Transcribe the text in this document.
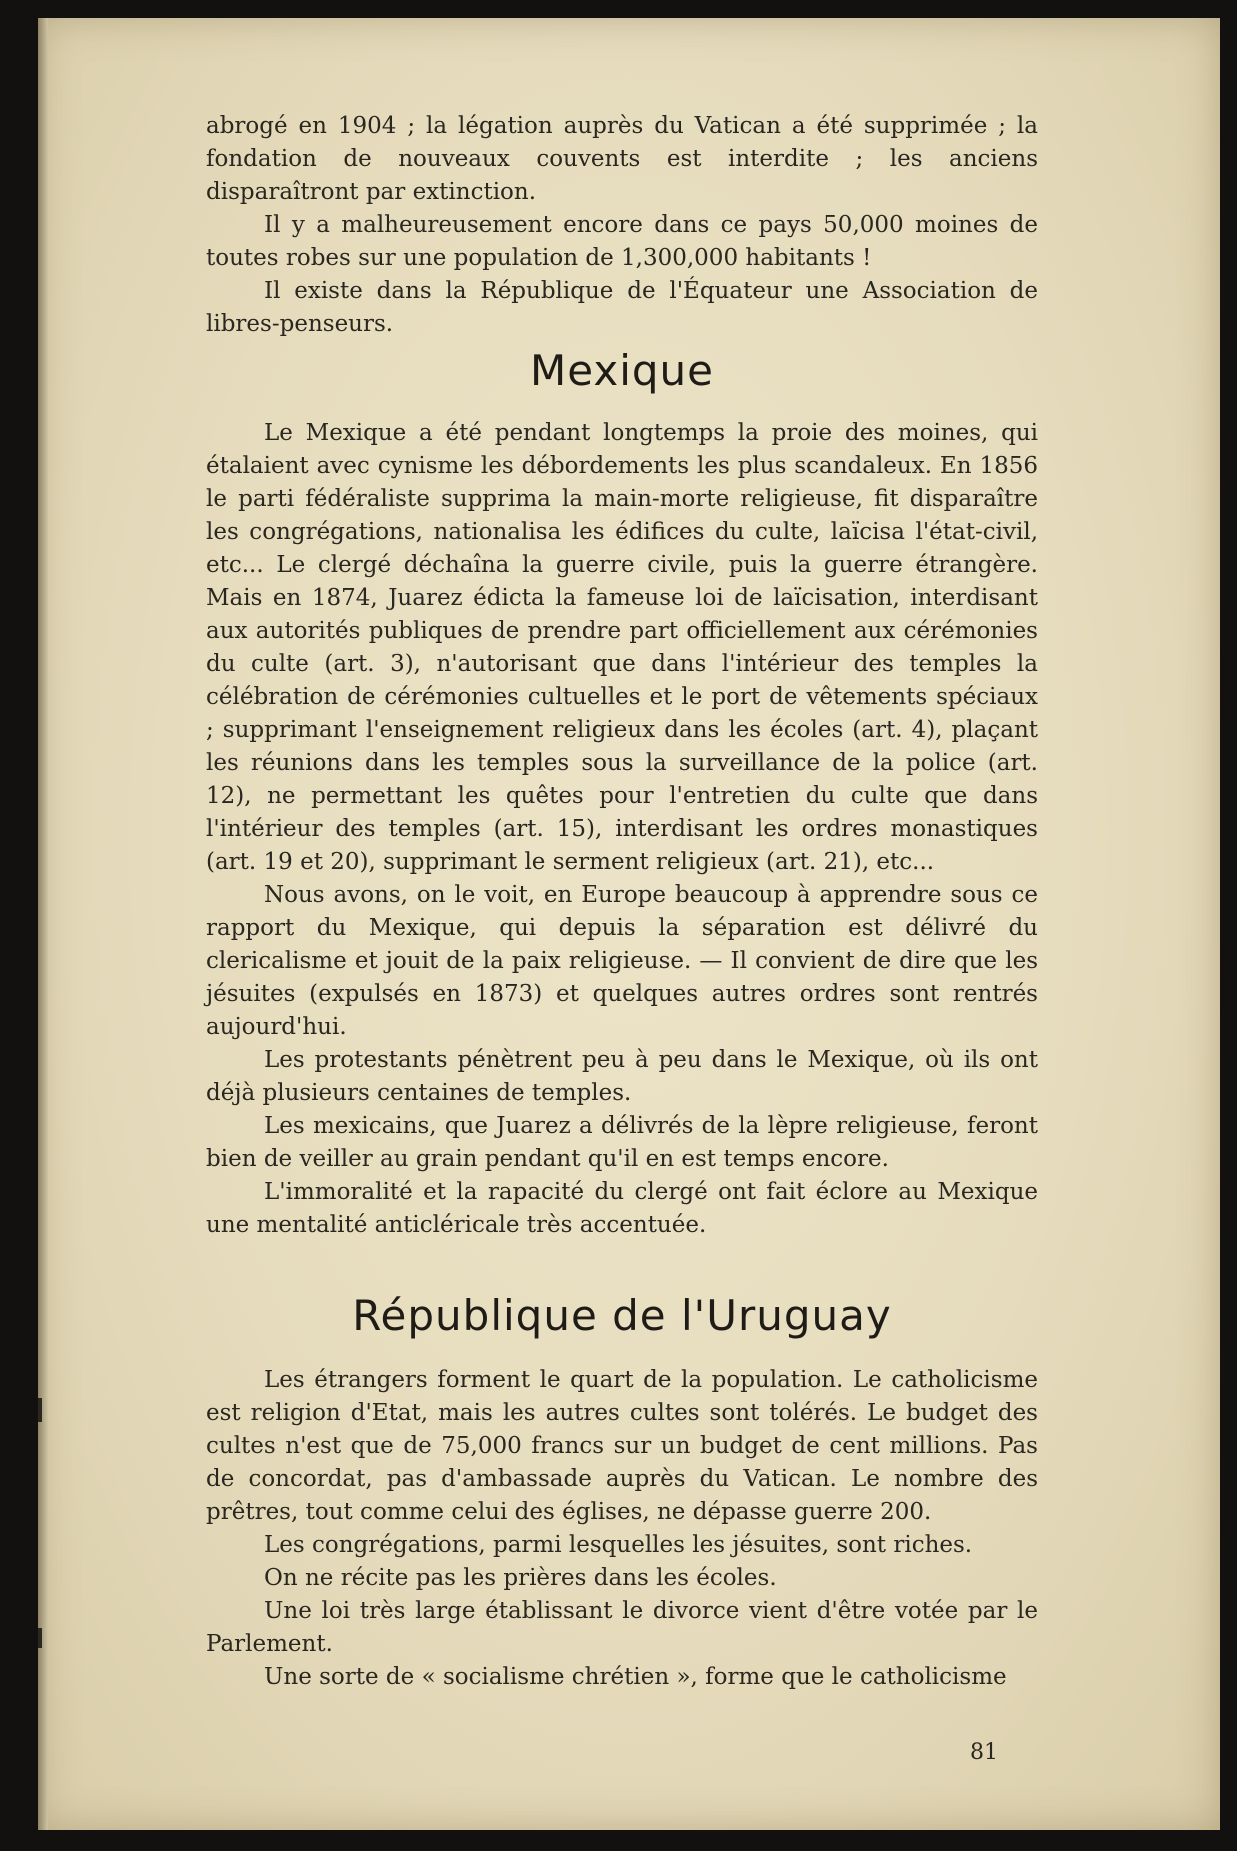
abrogé en 1904 ; la légation auprès du Vatican a été supprimée ; la fondation de nouveaux couvents est interdite ; les anciens disparaîtront par extinction.

Il y a malheureusement encore dans ce pays 50,000 moines de toutes robes sur une population de 1,300,000 habitants !

Il existe dans la République de l'Équateur une Association de libres-penseurs.

Mexique

Le Mexique a été pendant longtemps la proie des moines, qui étalaient avec cynisme les débordements les plus scandaleux. En 1856 le parti fédéraliste supprima la main-morte religieuse, fit disparaître les congrégations, nationalisa les édifices du culte, laïcisa l'état-civil, etc... Le clergé déchaîna la guerre civile, puis la guerre étrangère. Mais en 1874, Juarez édicta la fameuse loi de laïcisation, interdisant aux autorités publiques de prendre part officiellement aux cérémonies du culte (art. 3), n'autorisant que dans l'intérieur des temples la célébration de cérémonies cultuelles et le port de vêtements spéciaux ; supprimant l'enseignement religieux dans les écoles (art. 4), plaçant les réunions dans les temples sous la surveillance de la police (art. 12), ne permettant les quêtes pour l'entretien du culte que dans l'intérieur des temples (art. 15), interdisant les ordres monastiques (art. 19 et 20), supprimant le serment religieux (art. 21), etc...

Nous avons, on le voit, en Europe beaucoup à apprendre sous ce rapport du Mexique, qui depuis la séparation est délivré du clericalisme et jouit de la paix religieuse. — Il convient de dire que les jésuites (expulsés en 1873) et quelques autres ordres sont rentrés aujourd'hui.

Les protestants pénètrent peu à peu dans le Mexique, où ils ont déjà plusieurs centaines de temples.

Les mexicains, que Juarez a délivrés de la lèpre religieuse, feront bien de veiller au grain pendant qu'il en est temps encore.

L'immoralité et la rapacité du clergé ont fait éclore au Mexique une mentalité anticléricale très accentuée.

République de l'Uruguay

Les étrangers forment le quart de la population. Le catholicisme est religion d'Etat, mais les autres cultes sont tolérés. Le budget des cultes n'est que de 75,000 francs sur un budget de cent millions. Pas de concordat, pas d'ambassade auprès du Vatican. Le nombre des prêtres, tout comme celui des églises, ne dépasse guerre 200.

Les congrégations, parmi lesquelles les jésuites, sont riches.

On ne récite pas les prières dans les écoles.

Une loi très large établissant le divorce vient d'être votée par le Parlement.

Une sorte de « socialisme chrétien », forme que le catholicisme

81
